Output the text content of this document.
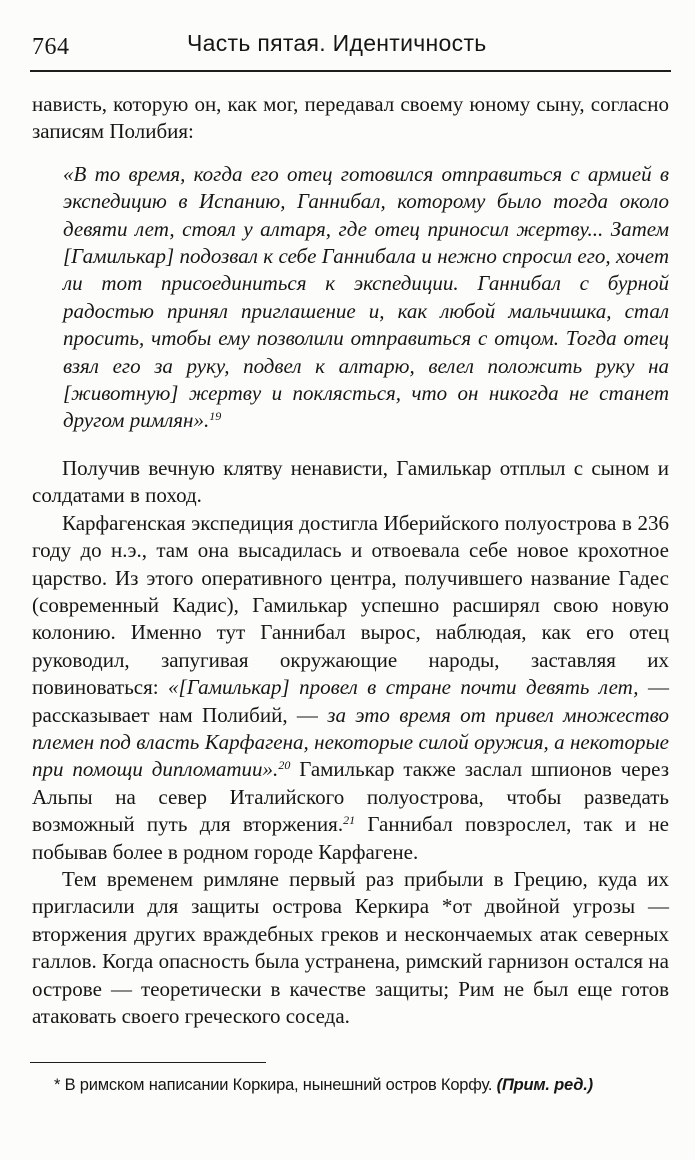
764	Часть пятая. Идентичность

нависть, которую он, как мог, передавал своему юному сыну, согласно записям Полибия:

«В то время, когда его отец готовился отправиться с армией в экспедицию в Испанию, Ганнибал, которому было тогда около девяти лет, стоял у алтаря, где отец приносил жертву... Затем [Гамилькар] подозвал к себе Ганнибала и нежно спросил его, хочет ли тот присоединиться к экспедиции. Ганнибал с бурной радостью принял приглашение и, как любой мальчишка, стал просить, чтобы ему позволили отправиться с отцом. Тогда отец взял его за руку, подвел к алтарю, велел положить руку на [животную] жертву и поклясться, что он никогда не станет другом римлян».$^{19}$

Получив вечную клятву ненависти, Гамилькар отплыл с сыном и солдатами в поход.

Карфагенская экспедиция достигла Иберийского полуострова в 236 году до н.э., там она высадилась и отвоевала себе новое крохотное царство. Из этого оперативного центра, получившего название Гадес (современный Кадис), Гамилькар успешно расширял свою новую колонию. Именно тут Ганнибал вырос, наблюдая, как его отец руководил, запугивая окружающие народы, заставляя их повиноваться: «[Гамилькар] провел в стране почти девять лет, — рассказывает нам Полибий, — за это время от привел множество племен под власть Карфагена, некоторые силой оружия, а некоторые при помощи дипломатии».$^{20}$ Гамилькар также заслал шпионов через Альпы на север Италийского полуострова, чтобы разведать возможный путь для вторжения.$^{21}$ Ганнибал повзрослел, так и не побывав более в родном городе Карфагене.

Тем временем римляне первый раз прибыли в Грецию, куда их пригласили для защиты острова Керкира *от двойной угрозы — вторжения других враждебных греков и нескончаемых атак северных галлов. Когда опасность была устранена, римский гарнизон остался на острове — теоретически в качестве защиты; Рим не был еще готов атаковать своего греческого соседа.

* В римском написании Коркира, нынешний остров Корфу. (Прим. ред.)
